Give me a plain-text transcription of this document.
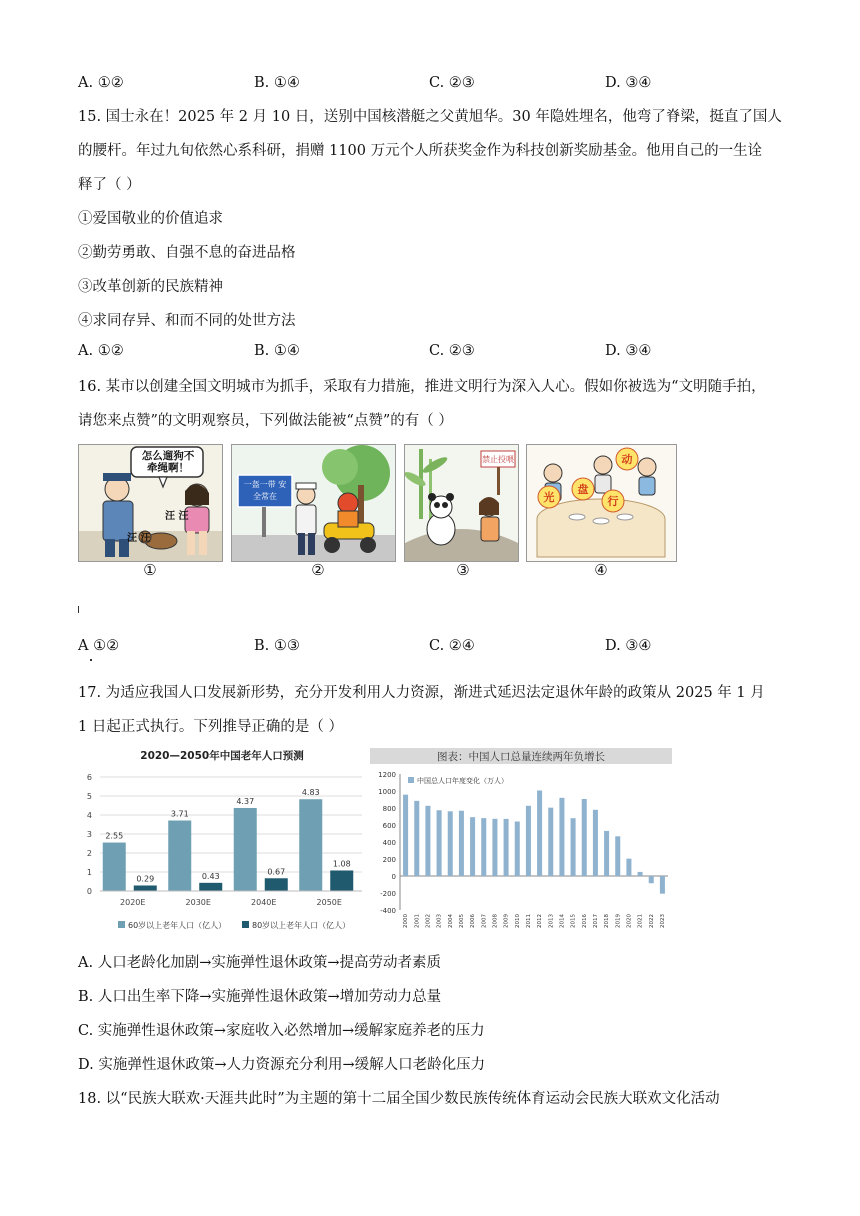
A. ①②	B. ①④	C. ②③	D. ③④
15. 国士永在！2025 年 2 月 10 日，送别中国核潜艇之父黄旭华。30 年隐姓埋名，他弯了脊梁，挺直了国人
的腰杆。年过九旬依然心系科研，捐赠 1100 万元个人所获奖金作为科技创新奖励基金。他用自己的一生诠
释了（ ）
①爱国敬业的价值追求
②勤劳勇敢、自强不息的奋进品格
③改革创新的民族精神
④求同存异、和而不同的处世方法
A. ①②	B. ①④	C. ②③	D. ③④
16. 某市以创建全国文明城市为抓手，采取有力措施，推进文明行为深入人心。假如你被选为“文明随手拍，
请您来点赞”的文明观察员，下列做法能被“点赞”的有（ ）
怎么遛狗不牵绳啊！
汪 汪
汪 汪
①
一盔一带 安全常在
②
禁止投喂
③
光
盘
行
动
④
A ①②	B. ①③	C. ②④	D. ③④
17. 为适应我国人口发展新形势，充分开发利用人力资源，渐进式延迟法定退休年龄的政策从 2025 年 1 月
1 日起正式执行。下列推导正确的是（ ）
2020—2050年中国老年人口预测
0
1
2
3
4
5
6
2.55
0.29
2020E
3.71
0.43
2030E
4.37
0.67
2040E
4.83
1.08
2050E
60岁以上老年人口（亿人）	80岁以上老年人口（亿人）
图表：中国人口总量连续两年负增长
-400
-200
0
200
400
600
800
1000
1200
中国总人口年度变化（万人）
2000 2001 2002 2003 2004 2005 2006 2007 2008 2009 2010 2011 2012 2013 2014 2015 2016 2017 2018 2019 2020 2021 2022 2023
A. 人口老龄化加剧→实施弹性退休政策→提高劳动者素质
B. 人口出生率下降→实施弹性退休政策→增加劳动力总量
C. 实施弹性退休政策→家庭收入必然增加→缓解家庭养老的压力
D. 实施弹性退休政策→人力资源充分利用→缓解人口老龄化压力
18. 以“民族大联欢·天涯共此时”为主题的第十二届全国少数民族传统体育运动会民族大联欢文化活动
